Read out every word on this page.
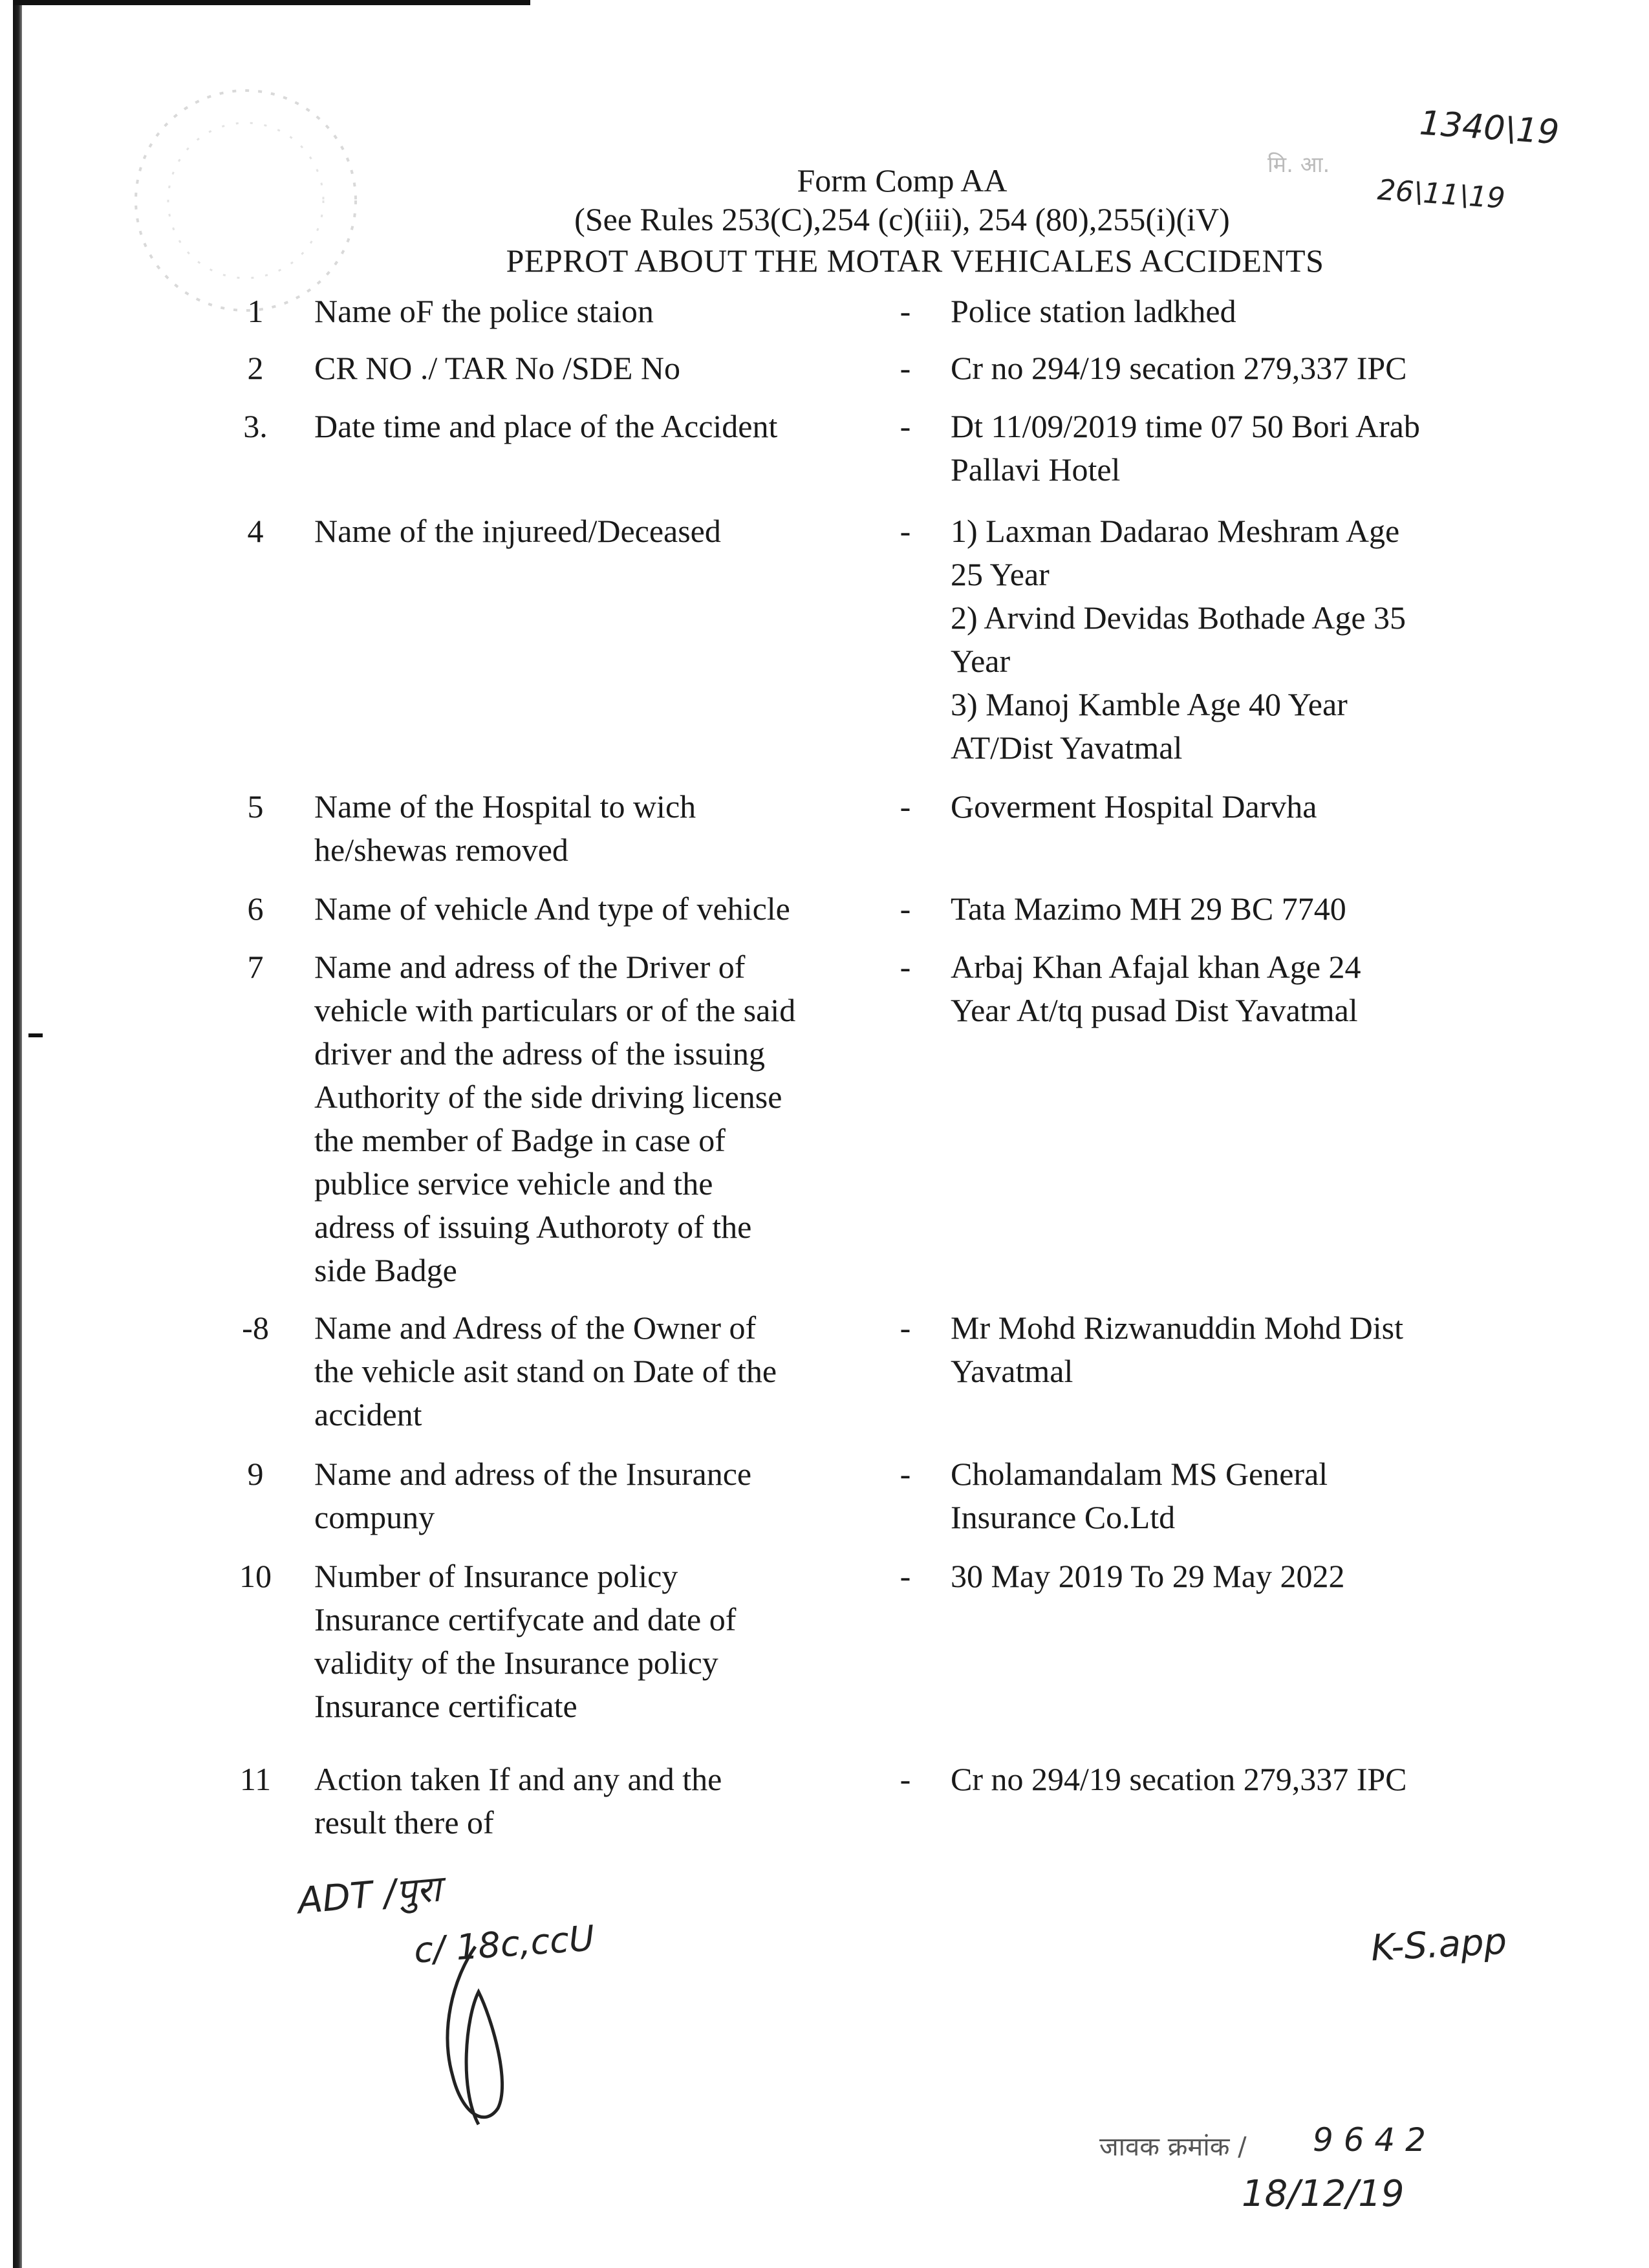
Form Comp AA
(See Rules 253(C),254 (c)(iii), 254 (80),255(i)(iV)
PEPROT ABOUT THE MOTAR VEHICALES ACCIDENTS
1	Name oF the police staion	- Police station ladkhed
2	CR NO ./ TAR No /SDE No	- Cr no 294/19 secation 279,337 IPC
3.	Date time and place of the Accident	- Dt 11/09/2019 time 07 50 Bori Arab
Pallavi Hotel
4	Name of the injureed/Deceased	- 1) Laxman Dadarao Meshram Age
25 Year
2) Arvind Devidas Bothade Age 35
Year
3) Manoj Kamble Age 40 Year
AT/Dist Yavatmal
5	Name of the Hospital to wich
he/shewas removed
- Goverment Hospital Darvha
6	Name of vehicle And type of vehicle	- Tata Mazimo MH 29 BC 7740
7	Name and adress of the Driver of
vehicle with particulars or of the said
driver and the adress of the issuing
Authority of the side driving license
the member of Badge in case of
publice service vehicle and the
adress of issuing Authoroty of the
side Badge
- Arbaj Khan Afajal khan Age 24
Year At/tq pusad Dist Yavatmal
-8 Name and Adress of the Owner of
the vehicle asit stand on Date of the
accident
- Mr Mohd Rizwanuddin Mohd Dist
Yavatmal
9	Name and adress of the Insurance
compuny
- Cholamandalam MS General
Insurance Co.Ltd
10 Number of Insurance policy
Insurance certifycate and date of
validity of the Insurance policy
Insurance certificate
- 30 May 2019 To 29 May 2022
11 Action taken If and any and the
result there of
- Cr no 294/19 secation 279,337 IPC
1340\19
26\11\19
मि. आ.
ADT /पुरा
c/ 18c,ccU	K-S.app
जावक क्रमांक / 9 6 4 2
18/12/19
